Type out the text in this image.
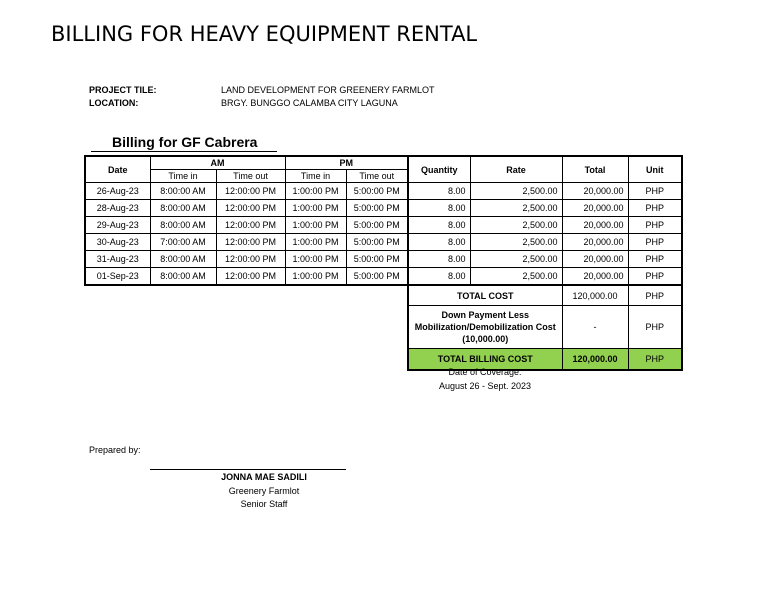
BILLING FOR HEAVY EQUIPMENT RENTAL
PROJECT TILE:	LAND DEVELOPMENT FOR GREENERY FARMLOT
LOCATION:	BRGY. BUNGGO CALAMBA CITY LAGUNA
Billing for GF Cabrera
Date	AM		PM		Quantity	Rate	Total	Unit
	Time in	Time out	Time in	Time out				
26-Aug-23	8:00:00 AM	12:00:00 PM	1:00:00 PM	5:00:00 PM	8.00	2,500.00	20,000.00	PHP
28-Aug-23	8:00:00 AM	12:00:00 PM	1:00:00 PM	5:00:00 PM	8.00	2,500.00	20,000.00	PHP
29-Aug-23	8:00:00 AM	12:00:00 PM	1:00:00 PM	5:00:00 PM	8.00	2,500.00	20,000.00	PHP
30-Aug-23	7:00:00 AM	12:00:00 PM	1:00:00 PM	5:00:00 PM	8.00	2,500.00	20,000.00	PHP
31-Aug-23	8:00:00 AM	12:00:00 PM	1:00:00 PM	5:00:00 PM	8.00	2,500.00	20,000.00	PHP
01-Sep-23	8:00:00 AM	12:00:00 PM	1:00:00 PM	5:00:00 PM	8.00	2,500.00	20,000.00	PHP
					TOTAL COST		120,000.00	PHP
					Down Payment Less Mobilization/Demobilization Cost (10,000.00)		-	PHP
					TOTAL BILLING COST		120,000.00	PHP
Date of Coverage:
August 26 - Sept. 2023
Prepared by:
JONNA MAE SADILI
Greenery Farmlot
Senior Staff
